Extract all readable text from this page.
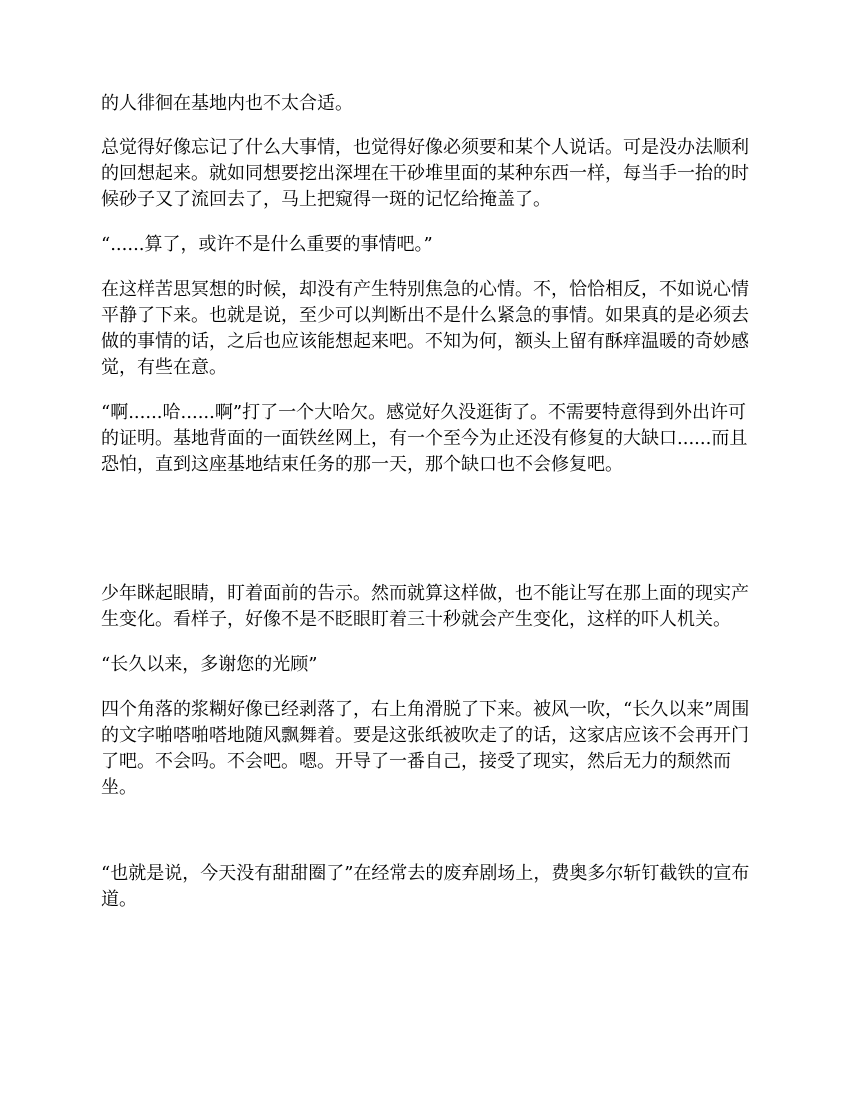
的人徘徊在基地内也不太合适。

总觉得好像忘记了什么大事情，也觉得好像必须要和某个人说话。可是没办法顺利的回想起来。就如同想要挖出深埋在干砂堆里面的某种东西一样，每当手一抬的时候砂子又了流回去了，马上把窥得一斑的记忆给掩盖了。

“......算了，或许不是什么重要的事情吧。”

在这样苦思冥想的时候，却没有产生特别焦急的心情。不，恰恰相反，不如说心情平静了下来。也就是说，至少可以判断出不是什么紧急的事情。如果真的是必须去做的事情的话，之后也应该能想起来吧。不知为何，额头上留有酥痒温暖的奇妙感觉，有些在意。

“啊......哈......啊”打了一个大哈欠。感觉好久没逛街了。不需要特意得到外出许可的证明。基地背面的一面铁丝网上，有一个至今为止还没有修复的大缺口......而且恐怕，直到这座基地结束任务的那一天，那个缺口也不会修复吧。

少年眯起眼睛，盯着面前的告示。然而就算这样做，也不能让写在那上面的现实产生变化。看样子，好像不是不眨眼盯着三十秒就会产生变化，这样的吓人机关。

“长久以来，多谢您的光顾”

四个角落的浆糊好像已经剥落了，右上角滑脱了下来。被风一吹，“长久以来”周围的文字啪嗒啪嗒地随风飘舞着。要是这张纸被吹走了的话，这家店应该不会再开门了吧。不会吗。不会吧。嗯。开导了一番自己，接受了现实，然后无力的颓然而坐。

“也就是说，今天没有甜甜圈了”在经常去的废弃剧场上，费奥多尔斩钉截铁的宣布道。
